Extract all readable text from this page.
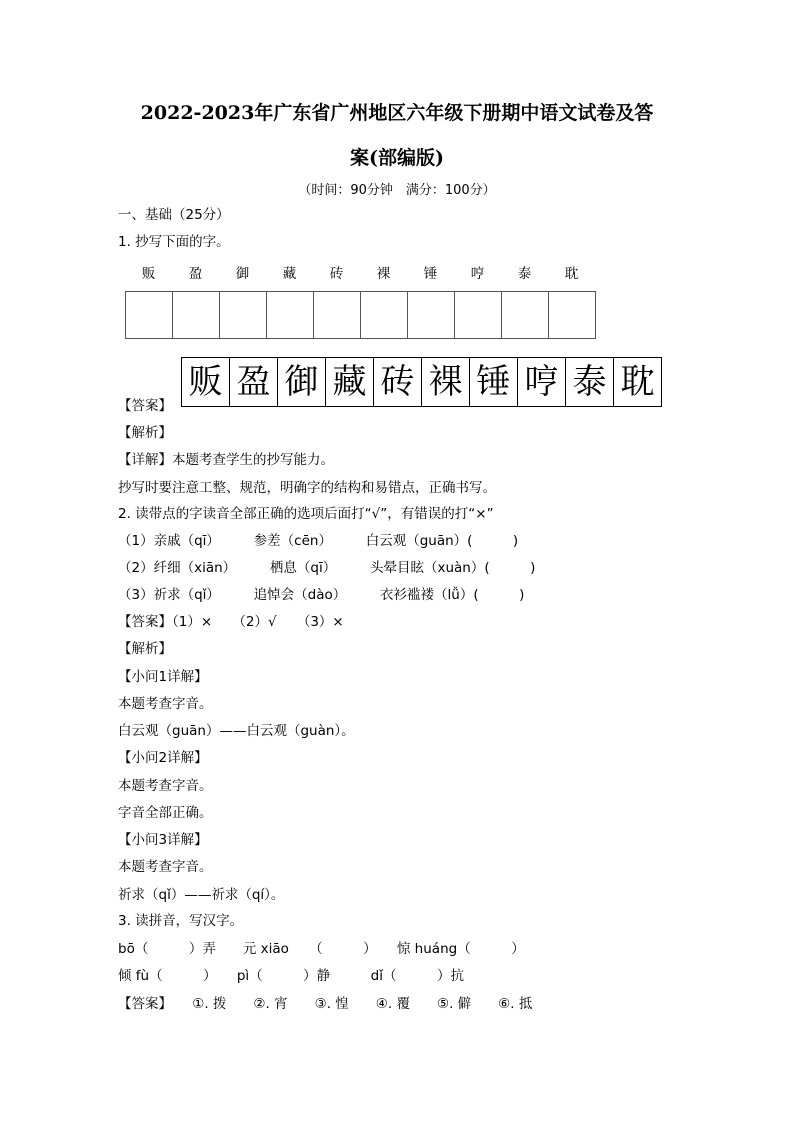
2022-2023年广东省广州地区六年级下册期中语文试卷及答
案(部编版)
（时间：90分钟　满分：100分）
一、基础（25分）
1. 抄写下面的字。
贩	盈	御	藏	砖	裸	锤	哼	泰	耽
贩 盈 御 藏 砖 裸 锤 哼 泰 耽
【答案】
【解析】
【详解】本题考查学生的抄写能力。
抄写时要注意工整、规范，明确字的结构和易错点，正确书写。
2. 读带点的字读音全部正确的选项后面打“√”，有错误的打“×”
（1）亲戚（qī）　　　参差（cēn）　　　白云观（guān）(　　　)
（2）纤细（xiān）　　　栖息（qī）　　　头晕目眩（xuàn）(　　　)
（3）祈求（qǐ）　　　追悼会（dào）　　　衣衫褴褛（lǚ）(　　　)
【答案】（1）×　　（2）√　　（3）×
【解析】
【小问1详解】
本题考查字音。
白云观（guān）——白云观（guàn）。
【小问2详解】
本题考查字音。
字音全部正确。
【小问3详解】
本题考查字音。
祈求（qǐ）——祈求（qí）。
3. 读拼音，写汉字。
bō（　　　）弄　　元 xiāo　　（　　　）　　惊 huáng（　　　）
倾 fù（　　　）　　pì（　　　）静　　　dǐ（　　　）抗
【答案】　　①. 拨　　②. 宵　　③. 惶　　④. 覆　　⑤. 僻　　⑥. 抵
